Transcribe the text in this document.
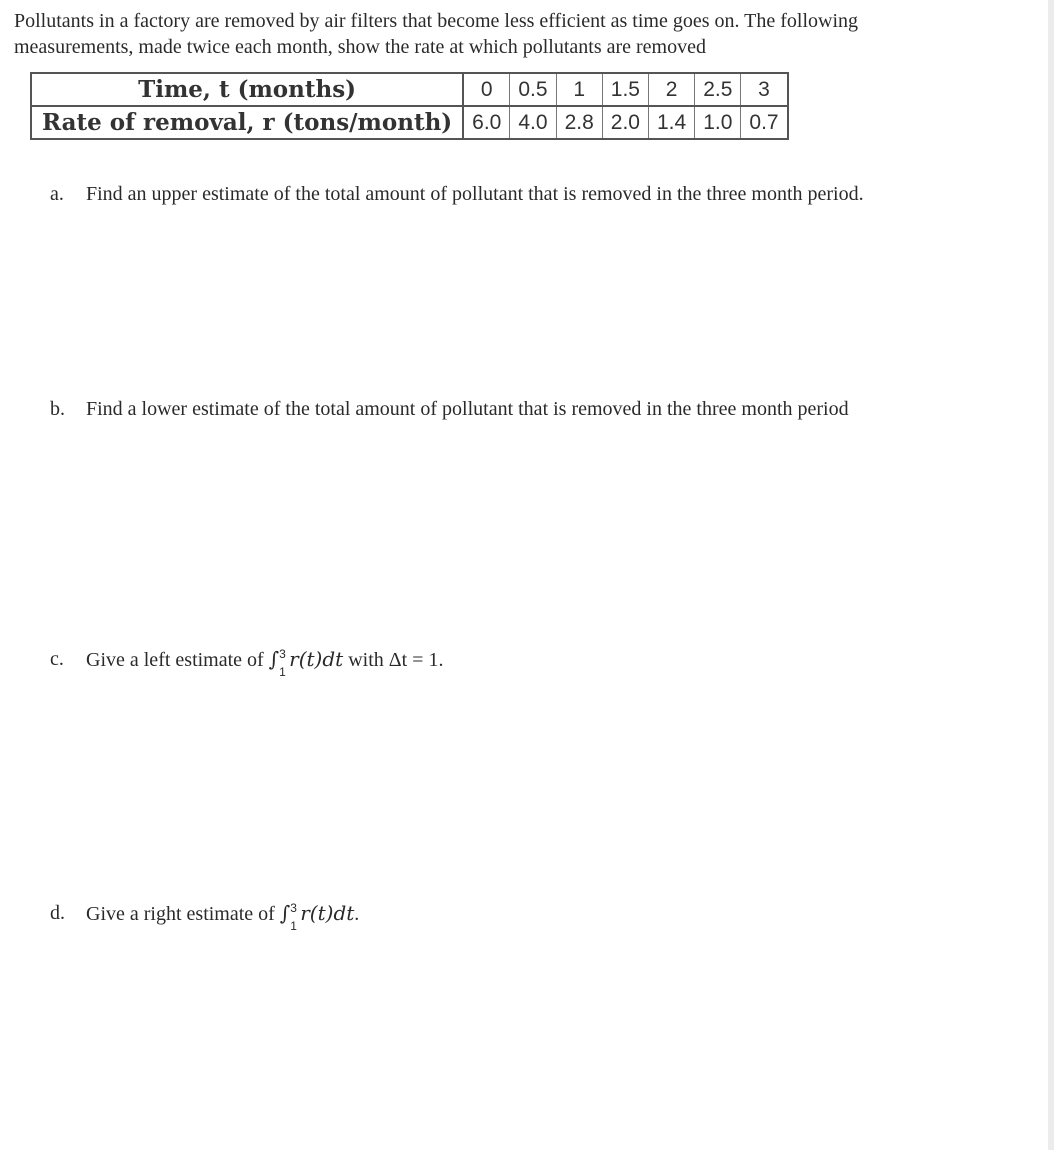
Pollutants in a factory are removed by air filters that become less efficient as time goes on. The following measurements, made twice each month, show the rate at which pollutants are removed

Time, t (months)	0	0.5	1	1.5	2	2.5	3
Rate of removal, r (tons/month)	6.0	4.0	2.8	2.0	1.4	1.0	0.7
a. Find an upper estimate of the total amount of pollutant that is removed in the three month period.
b. Find a lower estimate of the total amount of pollutant that is removed in the three month period
c. Give a left estimate of ∫ 3
1
r(t)dt with Δt = 1.
d. Give a right estimate of ∫ 3
1
r(t)dt.
